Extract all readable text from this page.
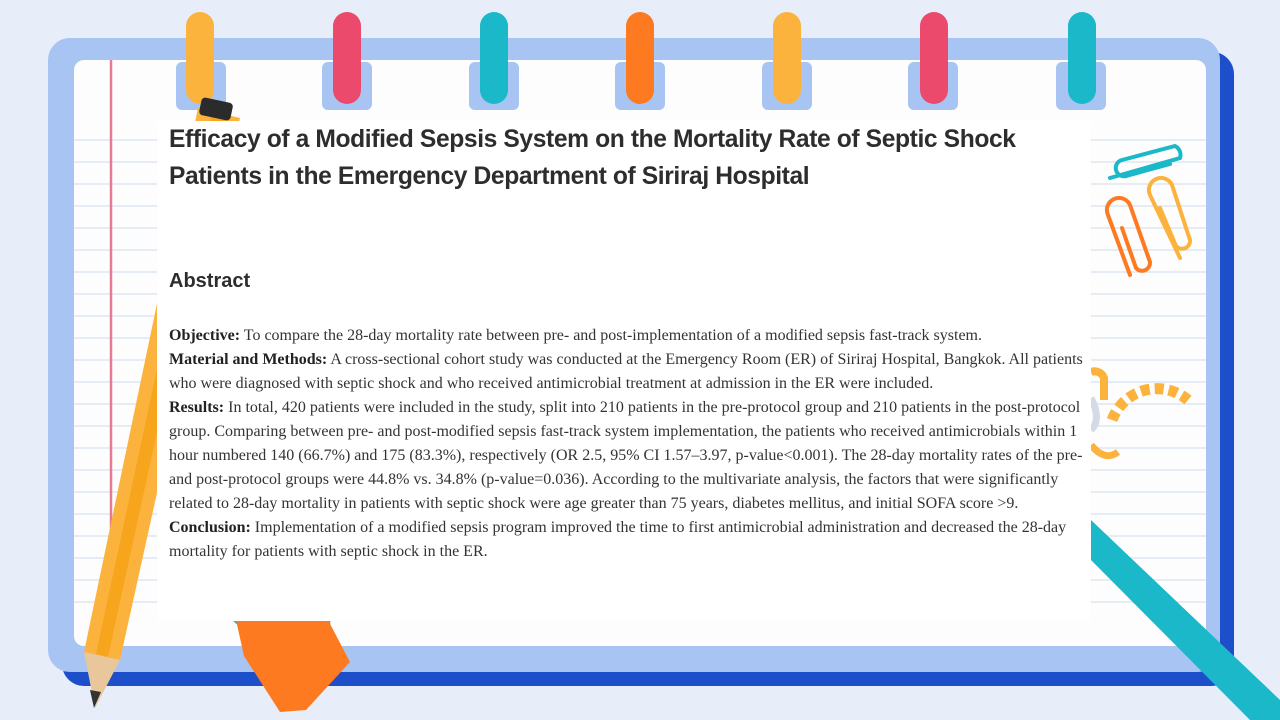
Efficacy of a Modified Sepsis System on the Mortality Rate of Septic Shock Patients in the Emergency Department of Siriraj Hospital
Abstract

Objective: To compare the 28-day mortality rate between pre- and post-implementation of a modified sepsis fast-track system.

Material and Methods: A cross-sectional cohort study was conducted at the Emergency Room (ER) of Siriraj Hospital, Bangkok. All patients who were diagnosed with septic shock and who received antimicrobial treatment at admission in the ER were included.

Results: In total, 420 patients were included in the study, split into 210 patients in the pre-protocol group and 210 patients in the post-protocol group. Comparing between pre- and post-modified sepsis fast-track system implementation, the patients who received antimicrobials within 1 hour numbered 140 (66.7%) and 175 (83.3%), respectively (OR 2.5, 95% CI 1.57–3.97, p-value<0.001). The 28-day mortality rates of the pre- and post-protocol groups were 44.8% vs. 34.8% (p-value=0.036). According to the multivariate analysis, the factors that were significantly related to 28-day mortality in patients with septic shock were age greater than 75 years, diabetes mellitus, and initial SOFA score >9.

Conclusion: Implementation of a modified sepsis program improved the time to first antimicrobial administration and decreased the 28-day mortality for patients with septic shock in the ER.
